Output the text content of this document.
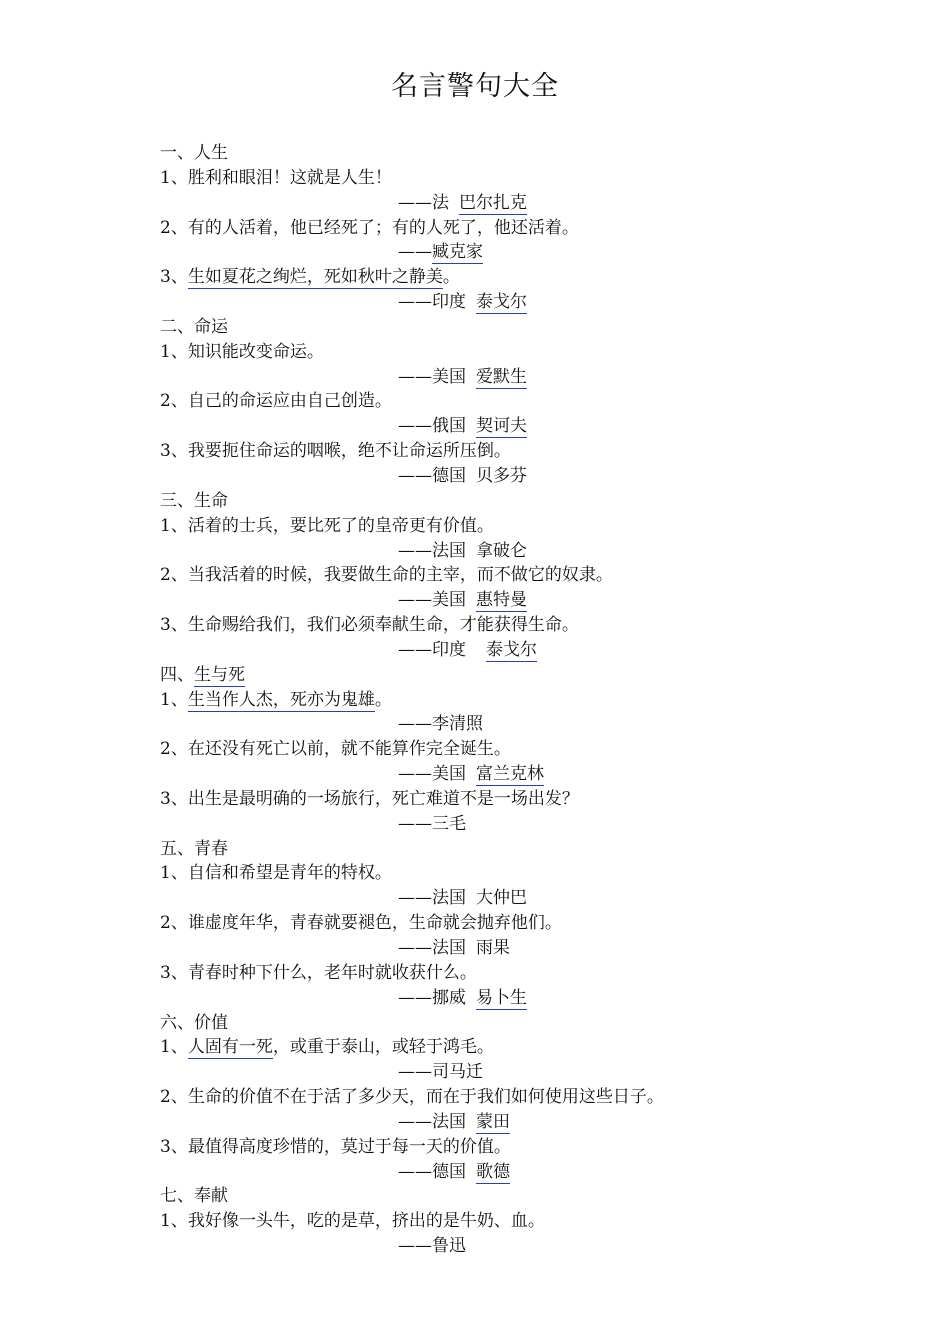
名言警句大全
一、人生
1、胜利和眼泪！这就是人生！
——法 巴尔扎克
2、有的人活着，他已经死了；有的人死了，他还活着。
——臧克家
3、生如夏花之绚烂，死如秋叶之静美。
——印度 泰戈尔
二、命运
1、知识能改变命运。
——美国 爱默生
2、自己的命运应由自己创造。
——俄国 契诃夫
3、我要扼住命运的咽喉，绝不让命运所压倒。
——德国 贝多芬
三、生命
1、活着的士兵，要比死了的皇帝更有价值。
——法国 拿破仑
2、当我活着的时候，我要做生命的主宰，而不做它的奴隶。
——美国 惠特曼
3、生命赐给我们，我们必须奉献生命，才能获得生命。
——印度 泰戈尔
四、生与死
1、生当作人杰，死亦为鬼雄。
——李清照
2、在还没有死亡以前，就不能算作完全诞生。
——美国 富兰克林
3、出生是最明确的一场旅行，死亡难道不是一场出发？
——三毛
五、青春
1、自信和希望是青年的特权。
——法国 大仲巴
2、谁虚度年华，青春就要褪色，生命就会抛弃他们。
——法国 雨果
3、青春时种下什么，老年时就收获什么。
——挪威 易卜生
六、价值
1、人固有一死，或重于泰山，或轻于鸿毛。
——司马迁
2、生命的价值不在于活了多少天，而在于我们如何使用这些日子。
——法国 蒙田
3、最值得高度珍惜的，莫过于每一天的价值。
——德国 歌德
七、奉献
1、我好像一头牛，吃的是草，挤出的是牛奶、血。
——鲁迅
